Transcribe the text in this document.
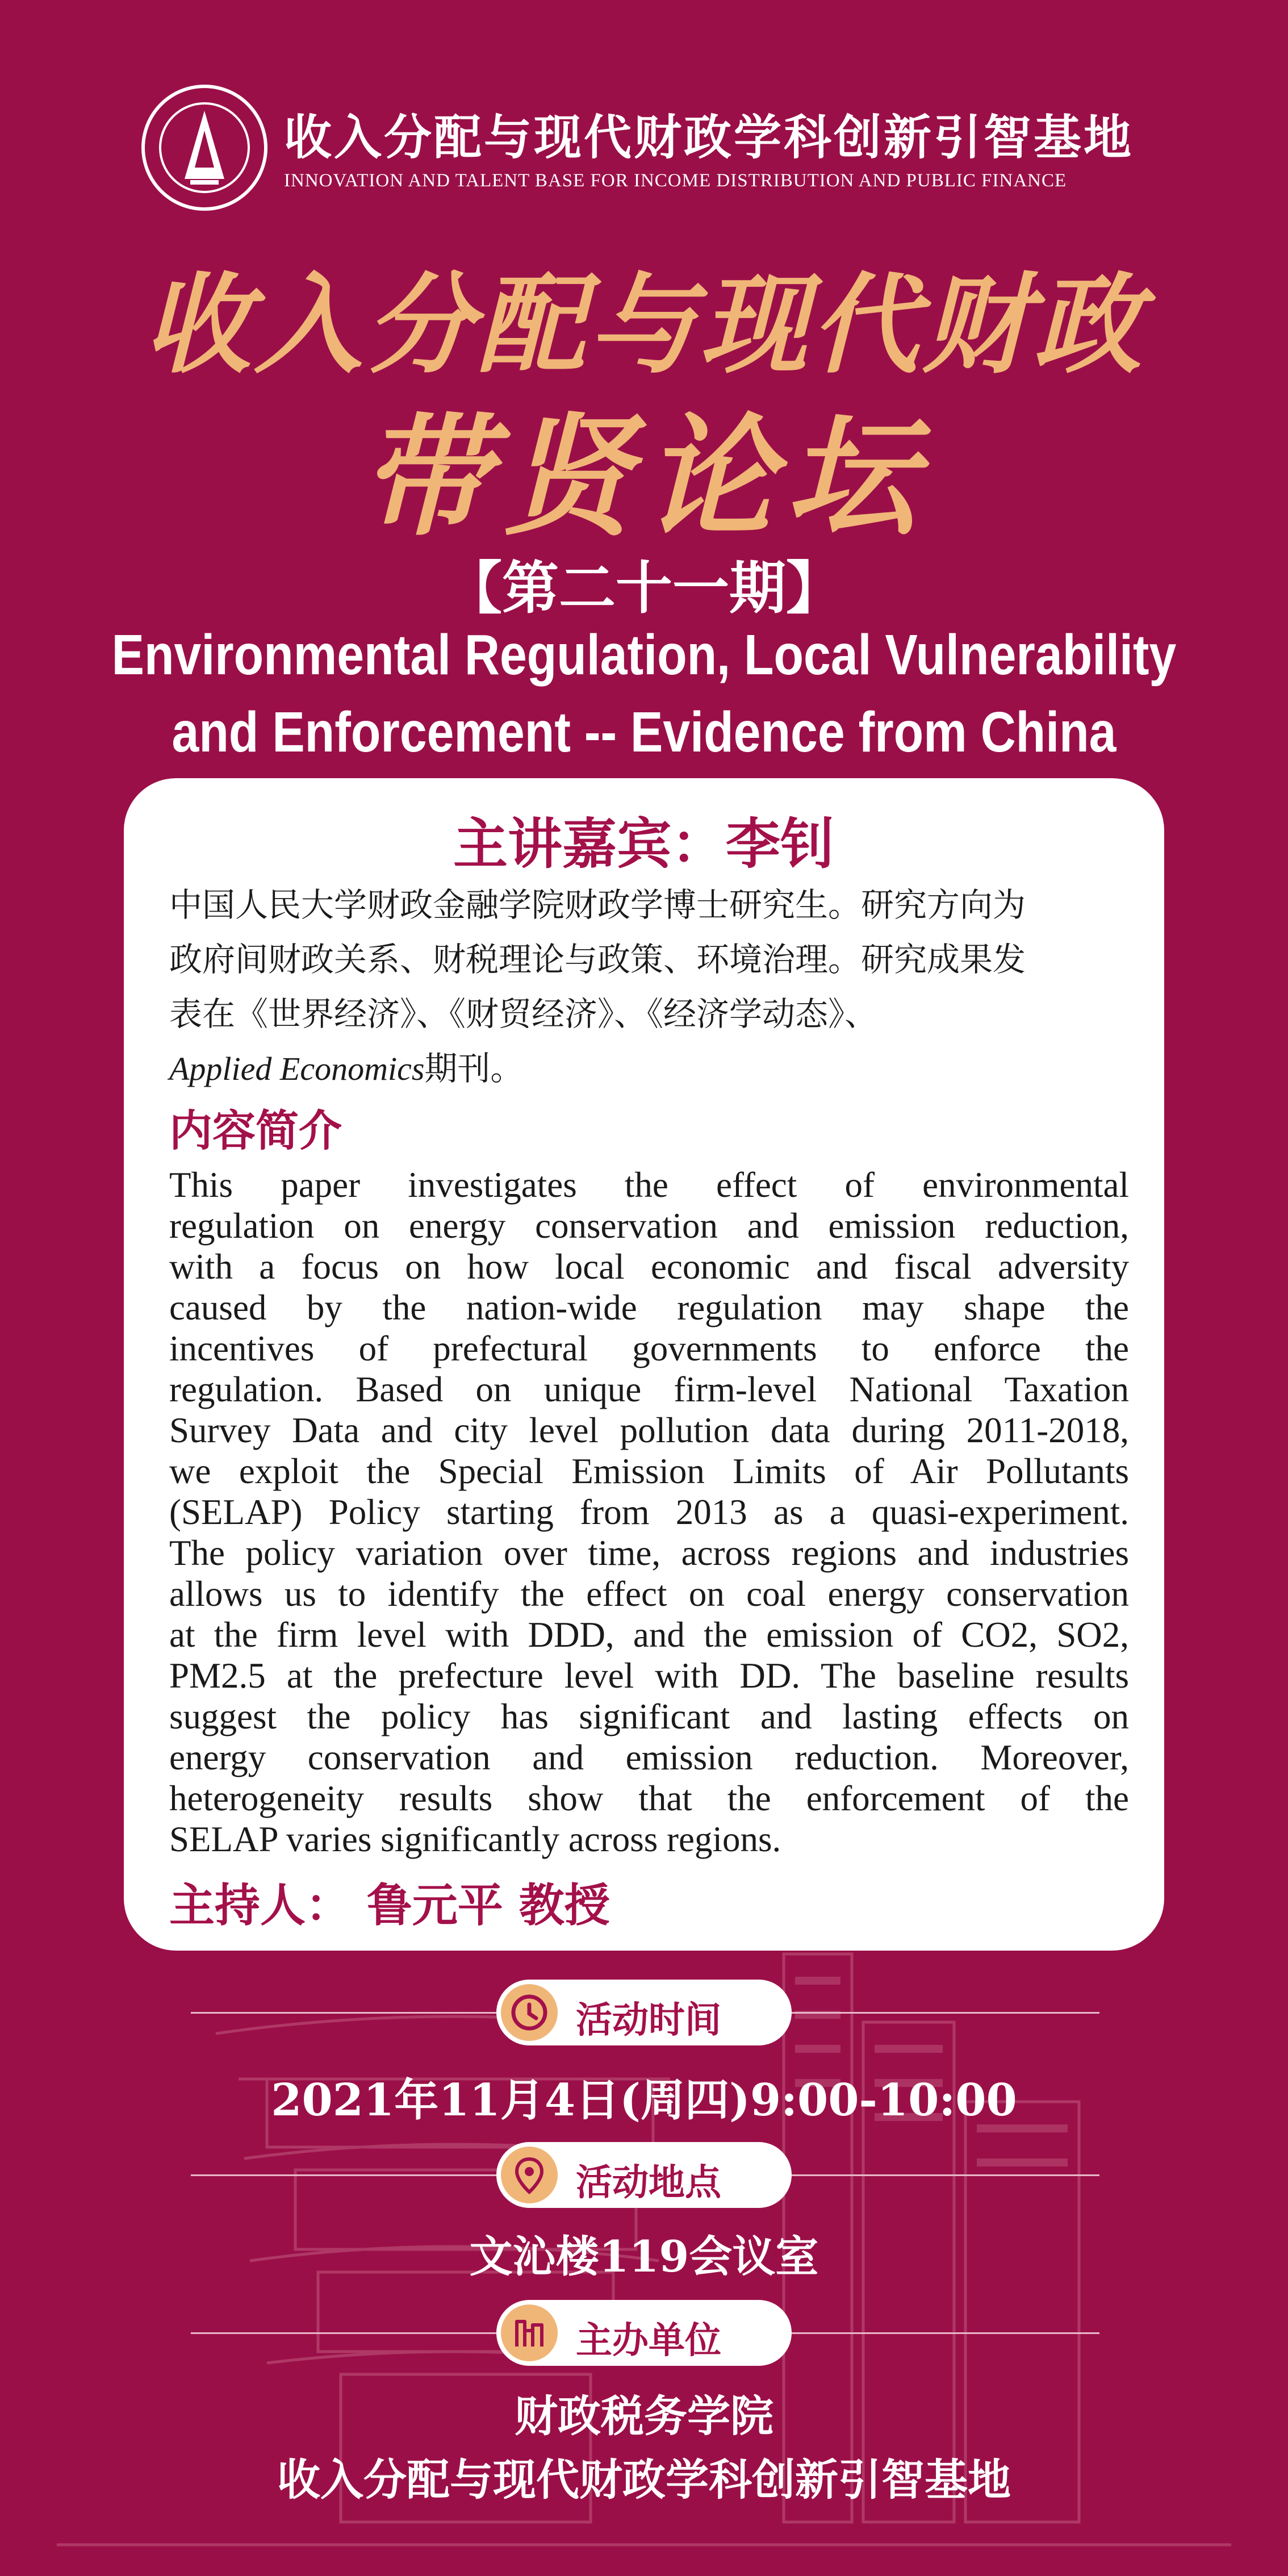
收入分配与现代财政学科创新引智基地
INNOVATION AND TALENT BASE FOR INCOME DISTRIBUTION AND PUBLIC FINANCE
收入分配与现代财政
带贤论坛
【第二十一期】
Environmental Regulation, Local Vulnerability
and Enforcement -- Evidence from China
主讲嘉宾：李钊
中国人民大学财政金融学院财政学博士研究生。研究方向为
政府间财政关系、财税理论与政策、环境治理。研究成果发
表在《世界经济》、《财贸经济》、《经济学动态》、
Applied Economics期刊。
内容简介
This paper investigates the effect of environmental
regulation on energy conservation and emission reduction,
with a focus on how local economic and fiscal adversity
caused by the nation-wide regulation may shape the
incentives of prefectural governments to enforce the
regulation. Based on unique firm-level National Taxation
Survey Data and city level pollution data during 2011-2018,
we exploit the Special Emission Limits of Air Pollutants
(SELAP) Policy starting from 2013 as a quasi-experiment.
The policy variation over time, across regions and industries
allows us to identify the effect on coal energy conservation
at the firm level with DDD, and the emission of CO2, SO2,
PM2.5 at the prefecture level with DD. The baseline results
suggest the policy has significant and lasting effects on
energy conservation and emission reduction. Moreover,
heterogeneity results show that the enforcement of the
SELAP varies significantly across regions.
主持人： 鲁元平 教授
活动时间
2021年11月4日(周四)9:00-10:00
活动地点
文沁楼119会议室
主办单位
财政税务学院
收入分配与现代财政学科创新引智基地
